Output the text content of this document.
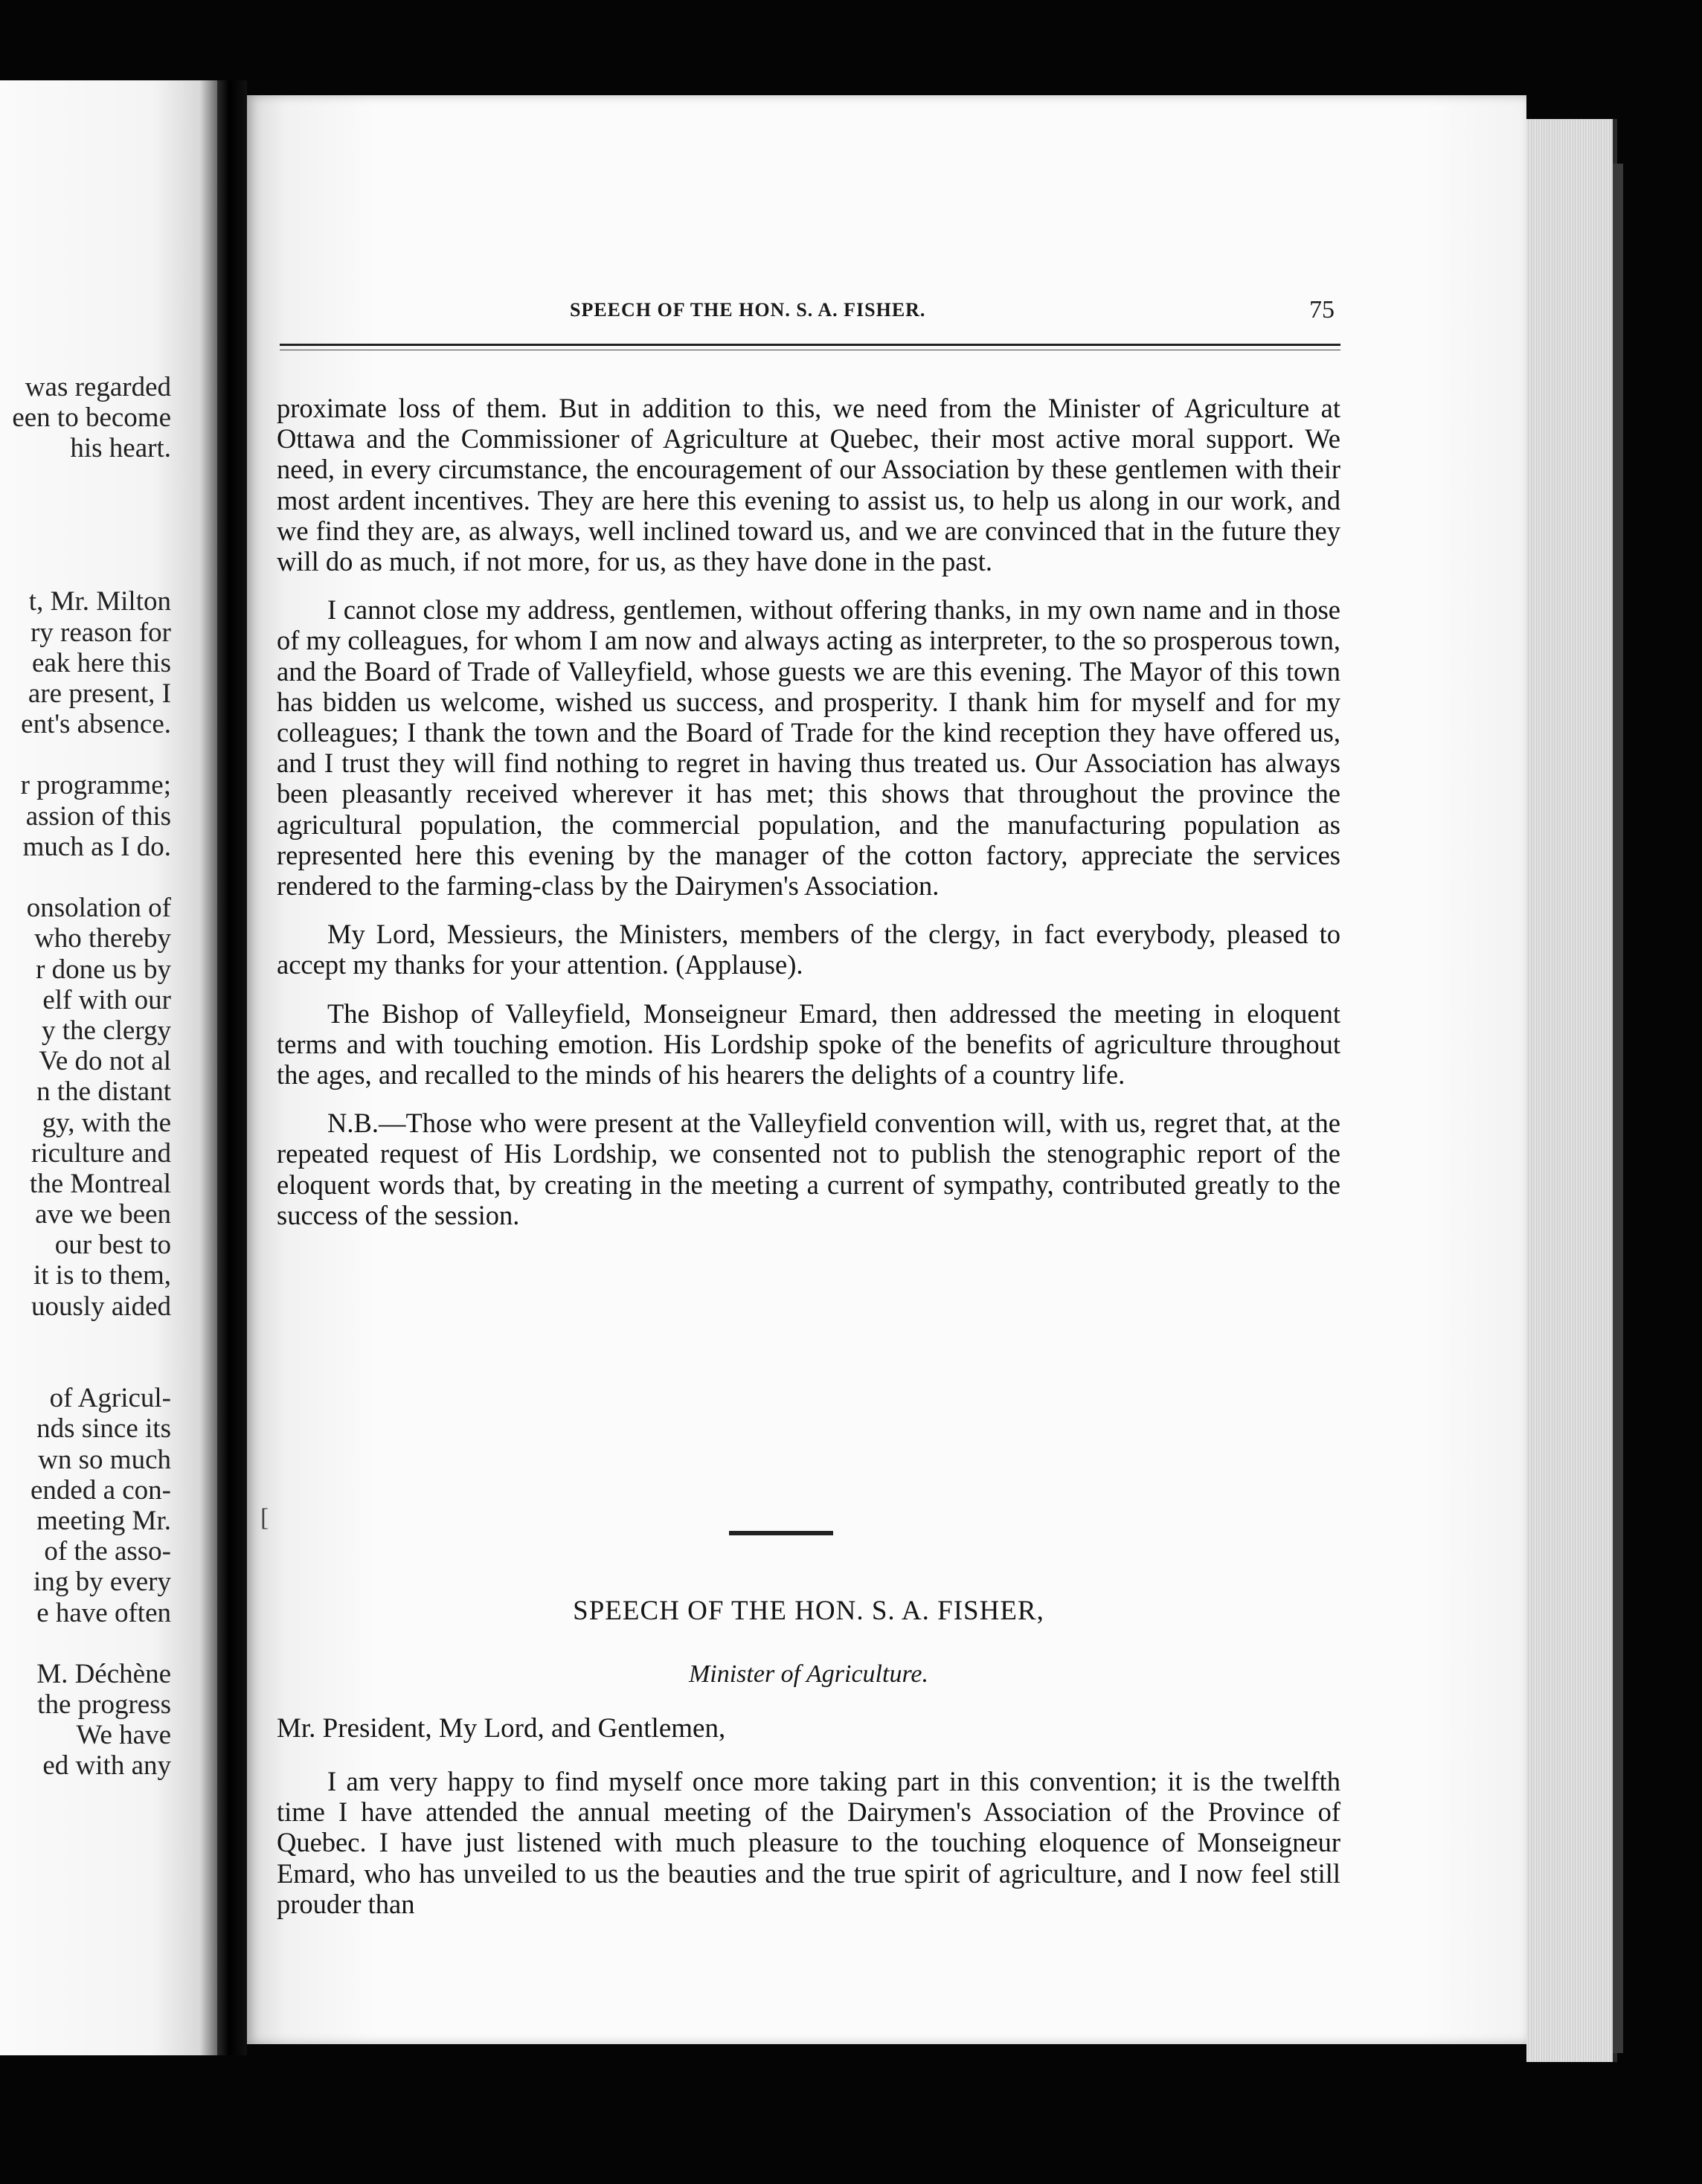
was regarded
een to become
his heart.

t, Mr. Milton
ry reason for
eak here this
are present, I
ent's absence.

r programme;
assion of this
much as I do.

onsolation of
who thereby
r done us by
elf with our
y the clergy
Ve do not al
n the distant
gy, with the
riculture and
the Montreal
ave we been
our best to
it is to them,
uously aided

of Agricul-
nds since its
wn so much
ended a con-
meeting Mr.
of the asso-
ing by every
e have often

M. Déchène
the progress
We have
ed with any
SPEECH OF THE HON. S. A. FISHER.	75

proximate loss of them. But in addition to this, we need from the Minister of Agriculture at Ottawa and the Commissioner of Agriculture at Quebec, their most active moral support. We need, in every circumstance, the encouragement of our Association by these gentlemen with their most ardent incentives. They are here this evening to assist us, to help us along in our work, and we find they are, as always, well inclined toward us, and we are convinced that in the future they will do as much, if not more, for us, as they have done in the past.

I cannot close my address, gentlemen, without offering thanks, in my own name and in those of my colleagues, for whom I am now and always acting as interpreter, to the so prosperous town, and the Board of Trade of Valleyfield, whose guests we are this evening. The Mayor of this town has bidden us welcome, wished us success, and prosperity. I thank him for myself and for my colleagues; I thank the town and the Board of Trade for the kind reception they have offered us, and I trust they will find nothing to regret in having thus treated us. Our Association has always been pleasantly received wherever it has met; this shows that throughout the province the agricultural population, the commercial population, and the manufacturing population as represented here this evening by the manager of the cotton factory, appreciate the services rendered to the farming-class by the Dairymen's Association.

My Lord, Messieurs, the Ministers, members of the clergy, in fact everybody, pleased to accept my thanks for your attention. (Applause).

The Bishop of Valleyfield, Monseigneur Emard, then addressed the meeting in eloquent terms and with touching emotion. His Lordship spoke of the benefits of agriculture throughout the ages, and recalled to the minds of his hearers the delights of a country life.

N.B.—Those who were present at the Valleyfield convention will, with us, regret that, at the repeated request of His Lordship, we consented not to publish the stenographic report of the eloquent words that, by creating in the meeting a current of sympathy, contributed greatly to the success of the session.

[
SPEECH OF THE HON. S. A. FISHER,
Minister of Agriculture.
Mr. President, My Lord, and Gentlemen,

I am very happy to find myself once more taking part in this convention; it is the twelfth time I have attended the annual meeting of the Dairymen's Association of the Province of Quebec. I have just listened with much pleasure to the touching eloquence of Monseigneur Emard, who has unveiled to us the beauties and the true spirit of agriculture, and I now feel still prouder than
